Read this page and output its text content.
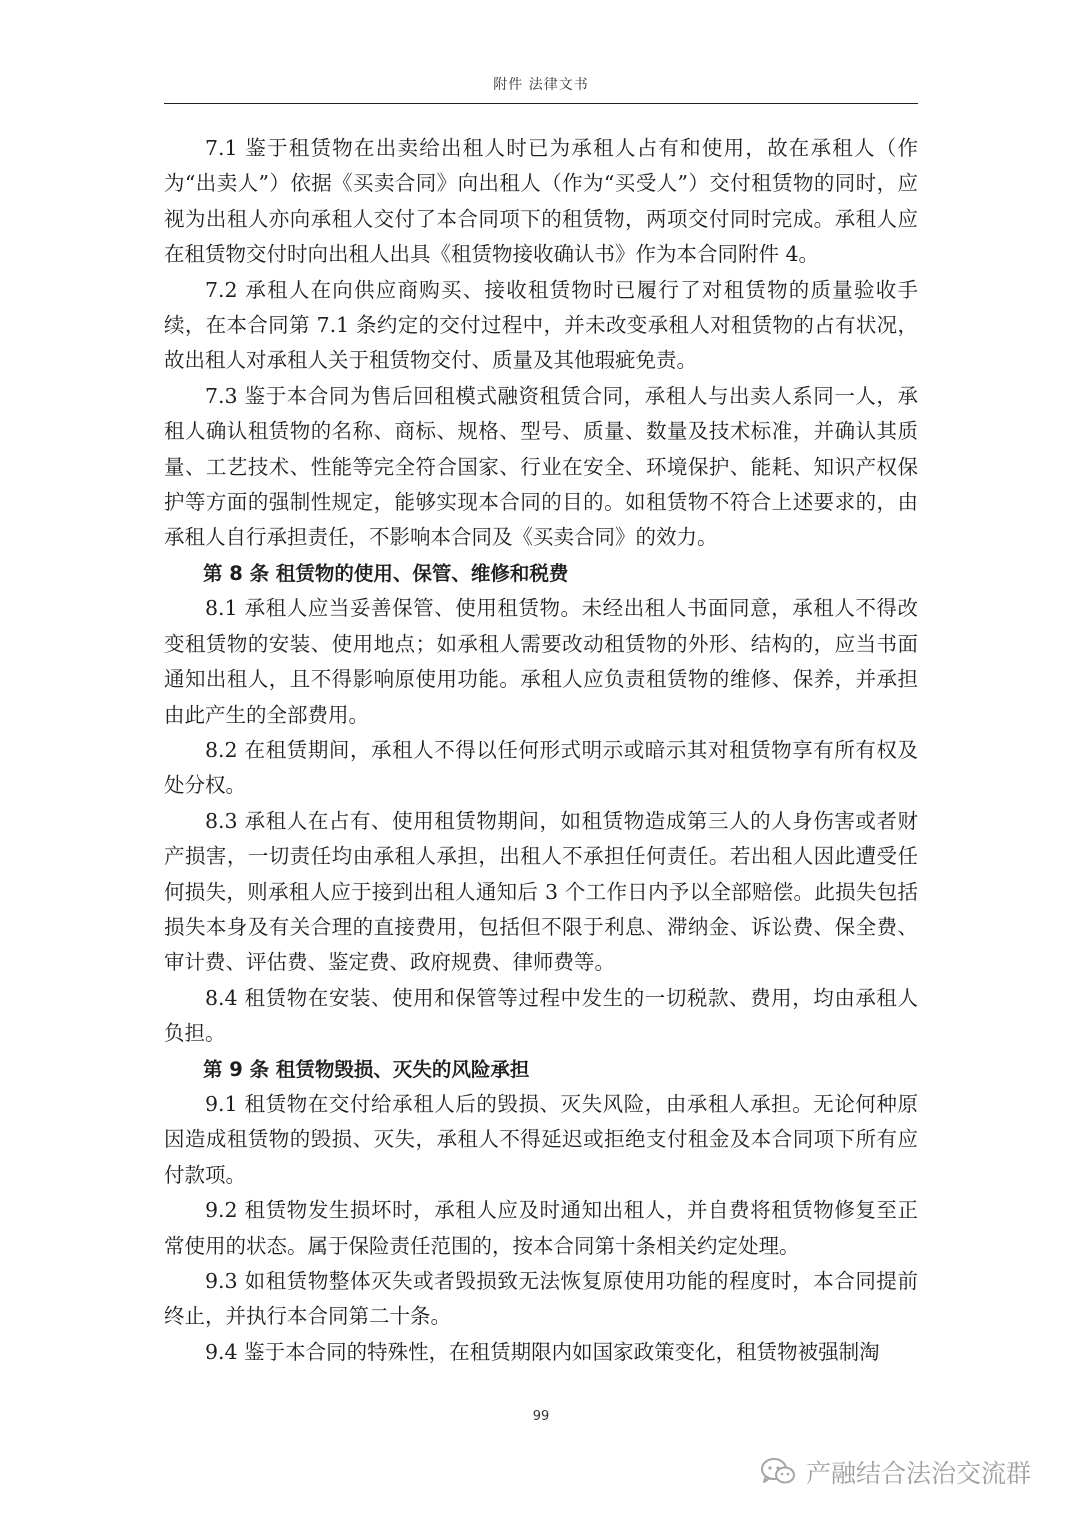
附件 法律文书

7.1 鉴于租赁物在出卖给出租人时已为承租人占有和使用，故在承租人（作为“出卖人”）依据《买卖合同》向出租人（作为“买受人”）交付租赁物的同时，应视为出租人亦向承租人交付了本合同项下的租赁物，两项交付同时完成。承租人应在租赁物交付时向出租人出具《租赁物接收确认书》作为本合同附件 4。

7.2 承租人在向供应商购买、接收租赁物时已履行了对租赁物的质量验收手续，在本合同第 7.1 条约定的交付过程中，并未改变承租人对租赁物的占有状况，故出租人对承租人关于租赁物交付、质量及其他瑕疵免责。

7.3 鉴于本合同为售后回租模式融资租赁合同，承租人与出卖人系同一人，承租人确认租赁物的名称、商标、规格、型号、质量、数量及技术标准，并确认其质量、工艺技术、性能等完全符合国家、行业在安全、环境保护、能耗、知识产权保护等方面的强制性规定，能够实现本合同的目的。如租赁物不符合上述要求的，由承租人自行承担责任，不影响本合同及《买卖合同》的效力。

第 8 条 租赁物的使用、保管、维修和税费

8.1 承租人应当妥善保管、使用租赁物。未经出租人书面同意，承租人不得改变租赁物的安装、使用地点；如承租人需要改动租赁物的外形、结构的，应当书面通知出租人，且不得影响原使用功能。承租人应负责租赁物的维修、保养，并承担由此产生的全部费用。

8.2 在租赁期间，承租人不得以任何形式明示或暗示其对租赁物享有所有权及处分权。

8.3 承租人在占有、使用租赁物期间，如租赁物造成第三人的人身伤害或者财产损害，一切责任均由承租人承担，出租人不承担任何责任。若出租人因此遭受任何损失，则承租人应于接到出租人通知后 3 个工作日内予以全部赔偿。此损失包括损失本身及有关合理的直接费用，包括但不限于利息、滞纳金、诉讼费、保全费、审计费、评估费、鉴定费、政府规费、律师费等。

8.4 租赁物在安装、使用和保管等过程中发生的一切税款、费用，均由承租人负担。

第 9 条 租赁物毁损、灭失的风险承担

9.1 租赁物在交付给承租人后的毁损、灭失风险，由承租人承担。无论何种原因造成租赁物的毁损、灭失，承租人不得延迟或拒绝支付租金及本合同项下所有应付款项。

9.2 租赁物发生损坏时，承租人应及时通知出租人，并自费将租赁物修复至正常使用的状态。属于保险责任范围的，按本合同第十条相关约定处理。

9.3 如租赁物整体灭失或者毁损致无法恢复原使用功能的程度时，本合同提前终止，并执行本合同第二十条。

9.4 鉴于本合同的特殊性，在租赁期限内如国家政策变化，租赁物被强制淘

99
产融结合法治交流群
